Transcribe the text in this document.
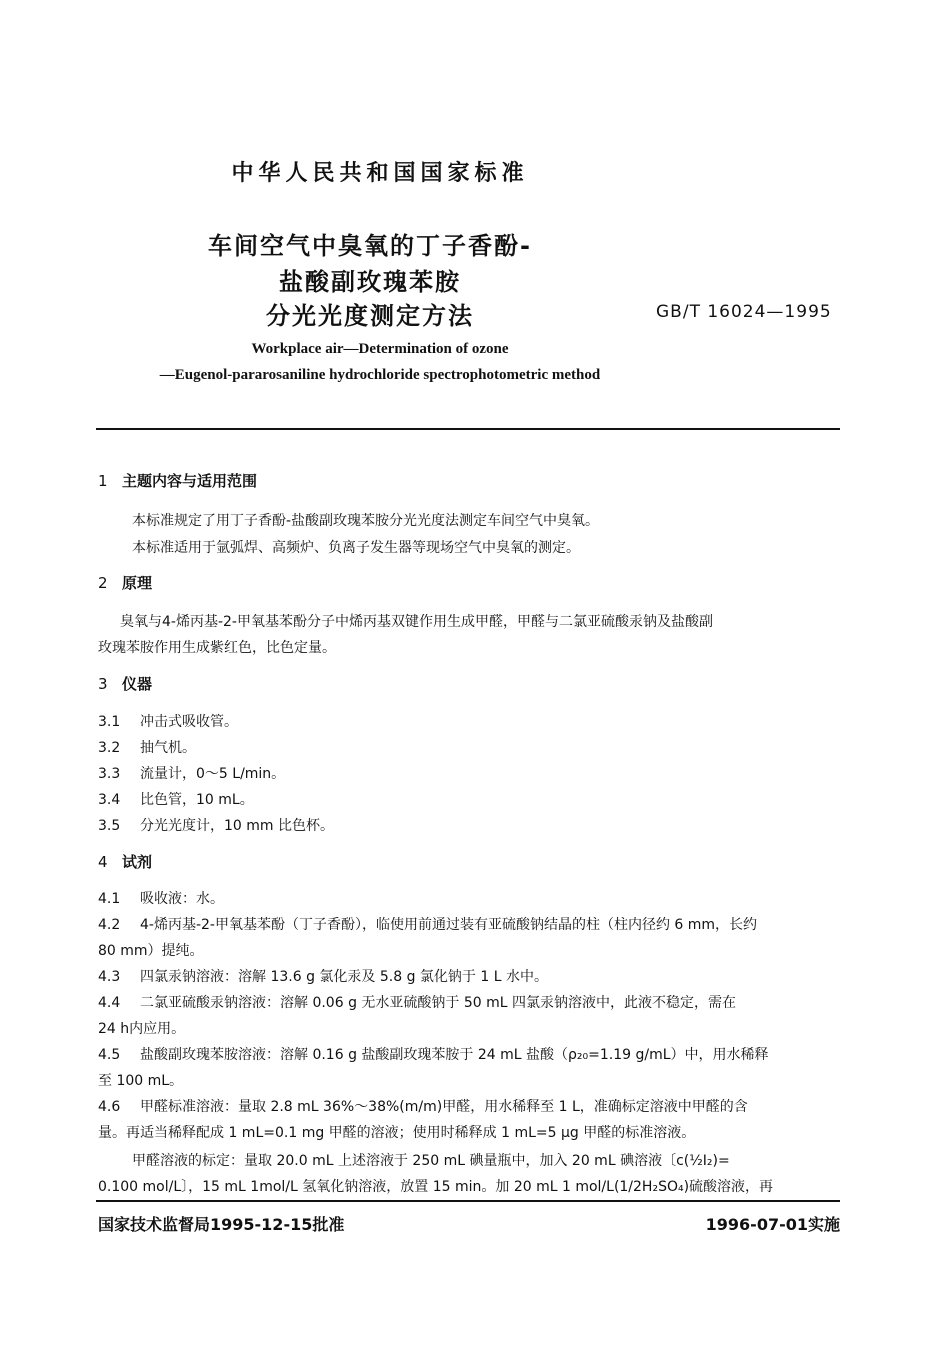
中华人民共和国国家标准
车间空气中臭氧的丁子香酚-
盐酸副玫瑰苯胺
分光光度测定方法	GB/T 16024—1995
Workplace air—Determination of ozone
—Eugenol-pararosaniline hydrochloride spectrophotometric method
1 主题内容与适用范围
本标准规定了用丁子香酚-盐酸副玫瑰苯胺分光光度法测定车间空气中臭氧。
本标准适用于氩弧焊、高频炉、负离子发生器等现场空气中臭氧的测定。
2 原理
臭氧与4-烯丙基-2-甲氧基苯酚分子中烯丙基双键作用生成甲醛，甲醛与二氯亚硫酸汞钠及盐酸副
玫瑰苯胺作用生成紫红色，比色定量。
3 仪器
3.1 冲击式吸收管。
3.2 抽气机。
3.3 流量计，0～5 L/min。
3.4 比色管，10 mL。
3.5 分光光度计，10 mm 比色杯。
4 试剂
4.1 吸收液：水。
4.2 4-烯丙基-2-甲氧基苯酚（丁子香酚），临使用前通过装有亚硫酸钠结晶的柱（柱内径约 6 mm，长约
80 mm）提纯。
4.3 四氯汞钠溶液：溶解 13.6 g 氯化汞及 5.8 g 氯化钠于 1 L 水中。
4.4 二氯亚硫酸汞钠溶液：溶解 0.06 g 无水亚硫酸钠于 50 mL 四氯汞钠溶液中，此液不稳定，需在
24 h内应用。
4.5 盐酸副玫瑰苯胺溶液：溶解 0.16 g 盐酸副玫瑰苯胺于 24 mL 盐酸（ρ₂₀=1.19 g/mL）中，用水稀释
至 100 mL。
4.6 甲醛标准溶液：量取 2.8 mL 36%～38%(m/m)甲醛，用水稀释至 1 L，准确标定溶液中甲醛的含
量。再适当稀释配成 1 mL=0.1 mg 甲醛的溶液；使用时稀释成 1 mL=5 μg 甲醛的标准溶液。
甲醛溶液的标定：量取 20.0 mL 上述溶液于 250 mL 碘量瓶中，加入 20 mL 碘溶液〔c(½I₂)=
0.100 mol/L〕，15 mL 1mol/L 氢氧化钠溶液，放置 15 min。加 20 mL 1 mol/L(1/2H₂SO₄)硫酸溶液，再
国家技术监督局1995-12-15批准	1996-07-01实施
